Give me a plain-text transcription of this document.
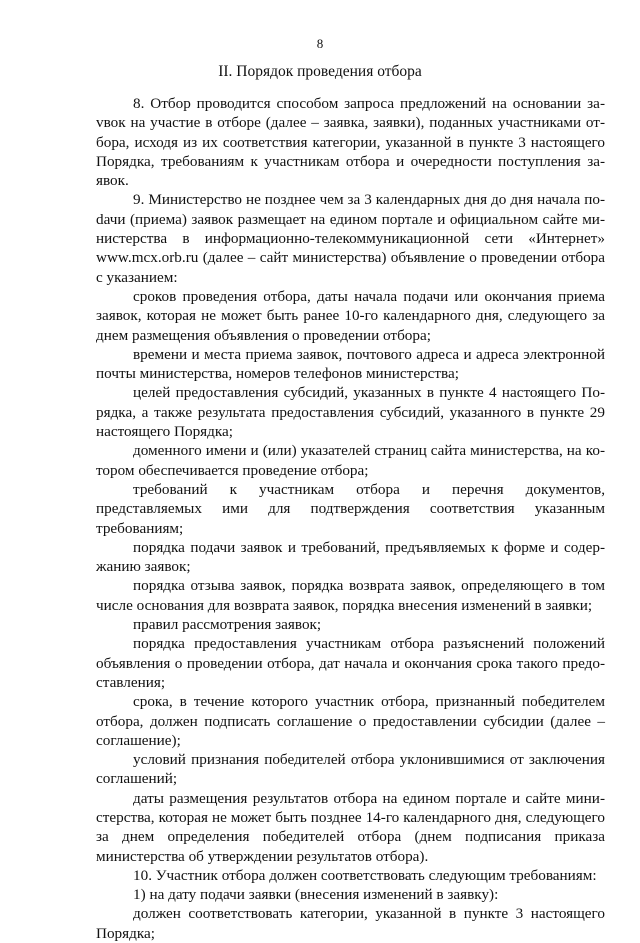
8
II. Порядок проведения отбора

8. Отбор проводится способом запроса предложений на основании заvвок на участие в отборе (далее – заявка, заявки), поданных участниками отбора, исходя из их соответствия категории, указанной в пункте 3 настоящего Порядка, требованиям к участникам отбора и очередности поступления заявок.

9. Министерство не позднее чем за 3 календарных дня до дня начала поdачи (приема) заявок размещает на едином портале и официальном сайте министерства в информационно-телекоммуникационной сети «Интернет» www.mcx.orb.ru (далее – сайт министерства) объявление о проведении отбора с указанием:

сроков проведения отбора, даты начала подачи или окончания приема заявок, которая не может быть ранее 10-го календарного дня, следующего за днем размещения объявления о проведении отбора;

времени и места приема заявок, почтового адреса и адреса электронной почты министерства, номеров телефонов министерства;

целей предоставления субсидий, указанных в пункте 4 настоящего Порядка, а также результата предоставления субсидий, указанного в пункте 29 настоящего Порядка;

доменного имени и (или) указателей страниц сайта министерства, на котором обеспечивается проведение отбора;

требований к участникам отбора и перечня документов, представляемых ими для подтверждения соответствия указанным требованиям;

порядка подачи заявок и требований, предъявляемых к форме и содержанию заявок;

порядка отзыва заявок, порядка возврата заявок, определяющего в том числе основания для возврата заявок, порядка внесения изменений в заявки;

правил рассмотрения заявок;

порядка предоставления участникам отбора разъяснений положений объявления о проведении отбора, дат начала и окончания срока такого предоставления;

срока, в течение которого участник отбора, признанный победителем отбора, должен подписать соглашение о предоставлении субсидии (далее – соглашение);

условий признания победителей отбора уклонившимися от заключения соглашений;

даты размещения результатов отбора на едином портале и сайте министерства, которая не может быть позднее 14-го календарного дня, следующего за днем определения победителей отбора (днем подписания приказа министерства об утверждении результатов отбора).

10. Участник отбора должен соответствовать следующим требованиям:

1) на дату подачи заявки (внесения изменений в заявку):

должен соответствовать категории, указанной в пункте 3 настоящего Порядка;
